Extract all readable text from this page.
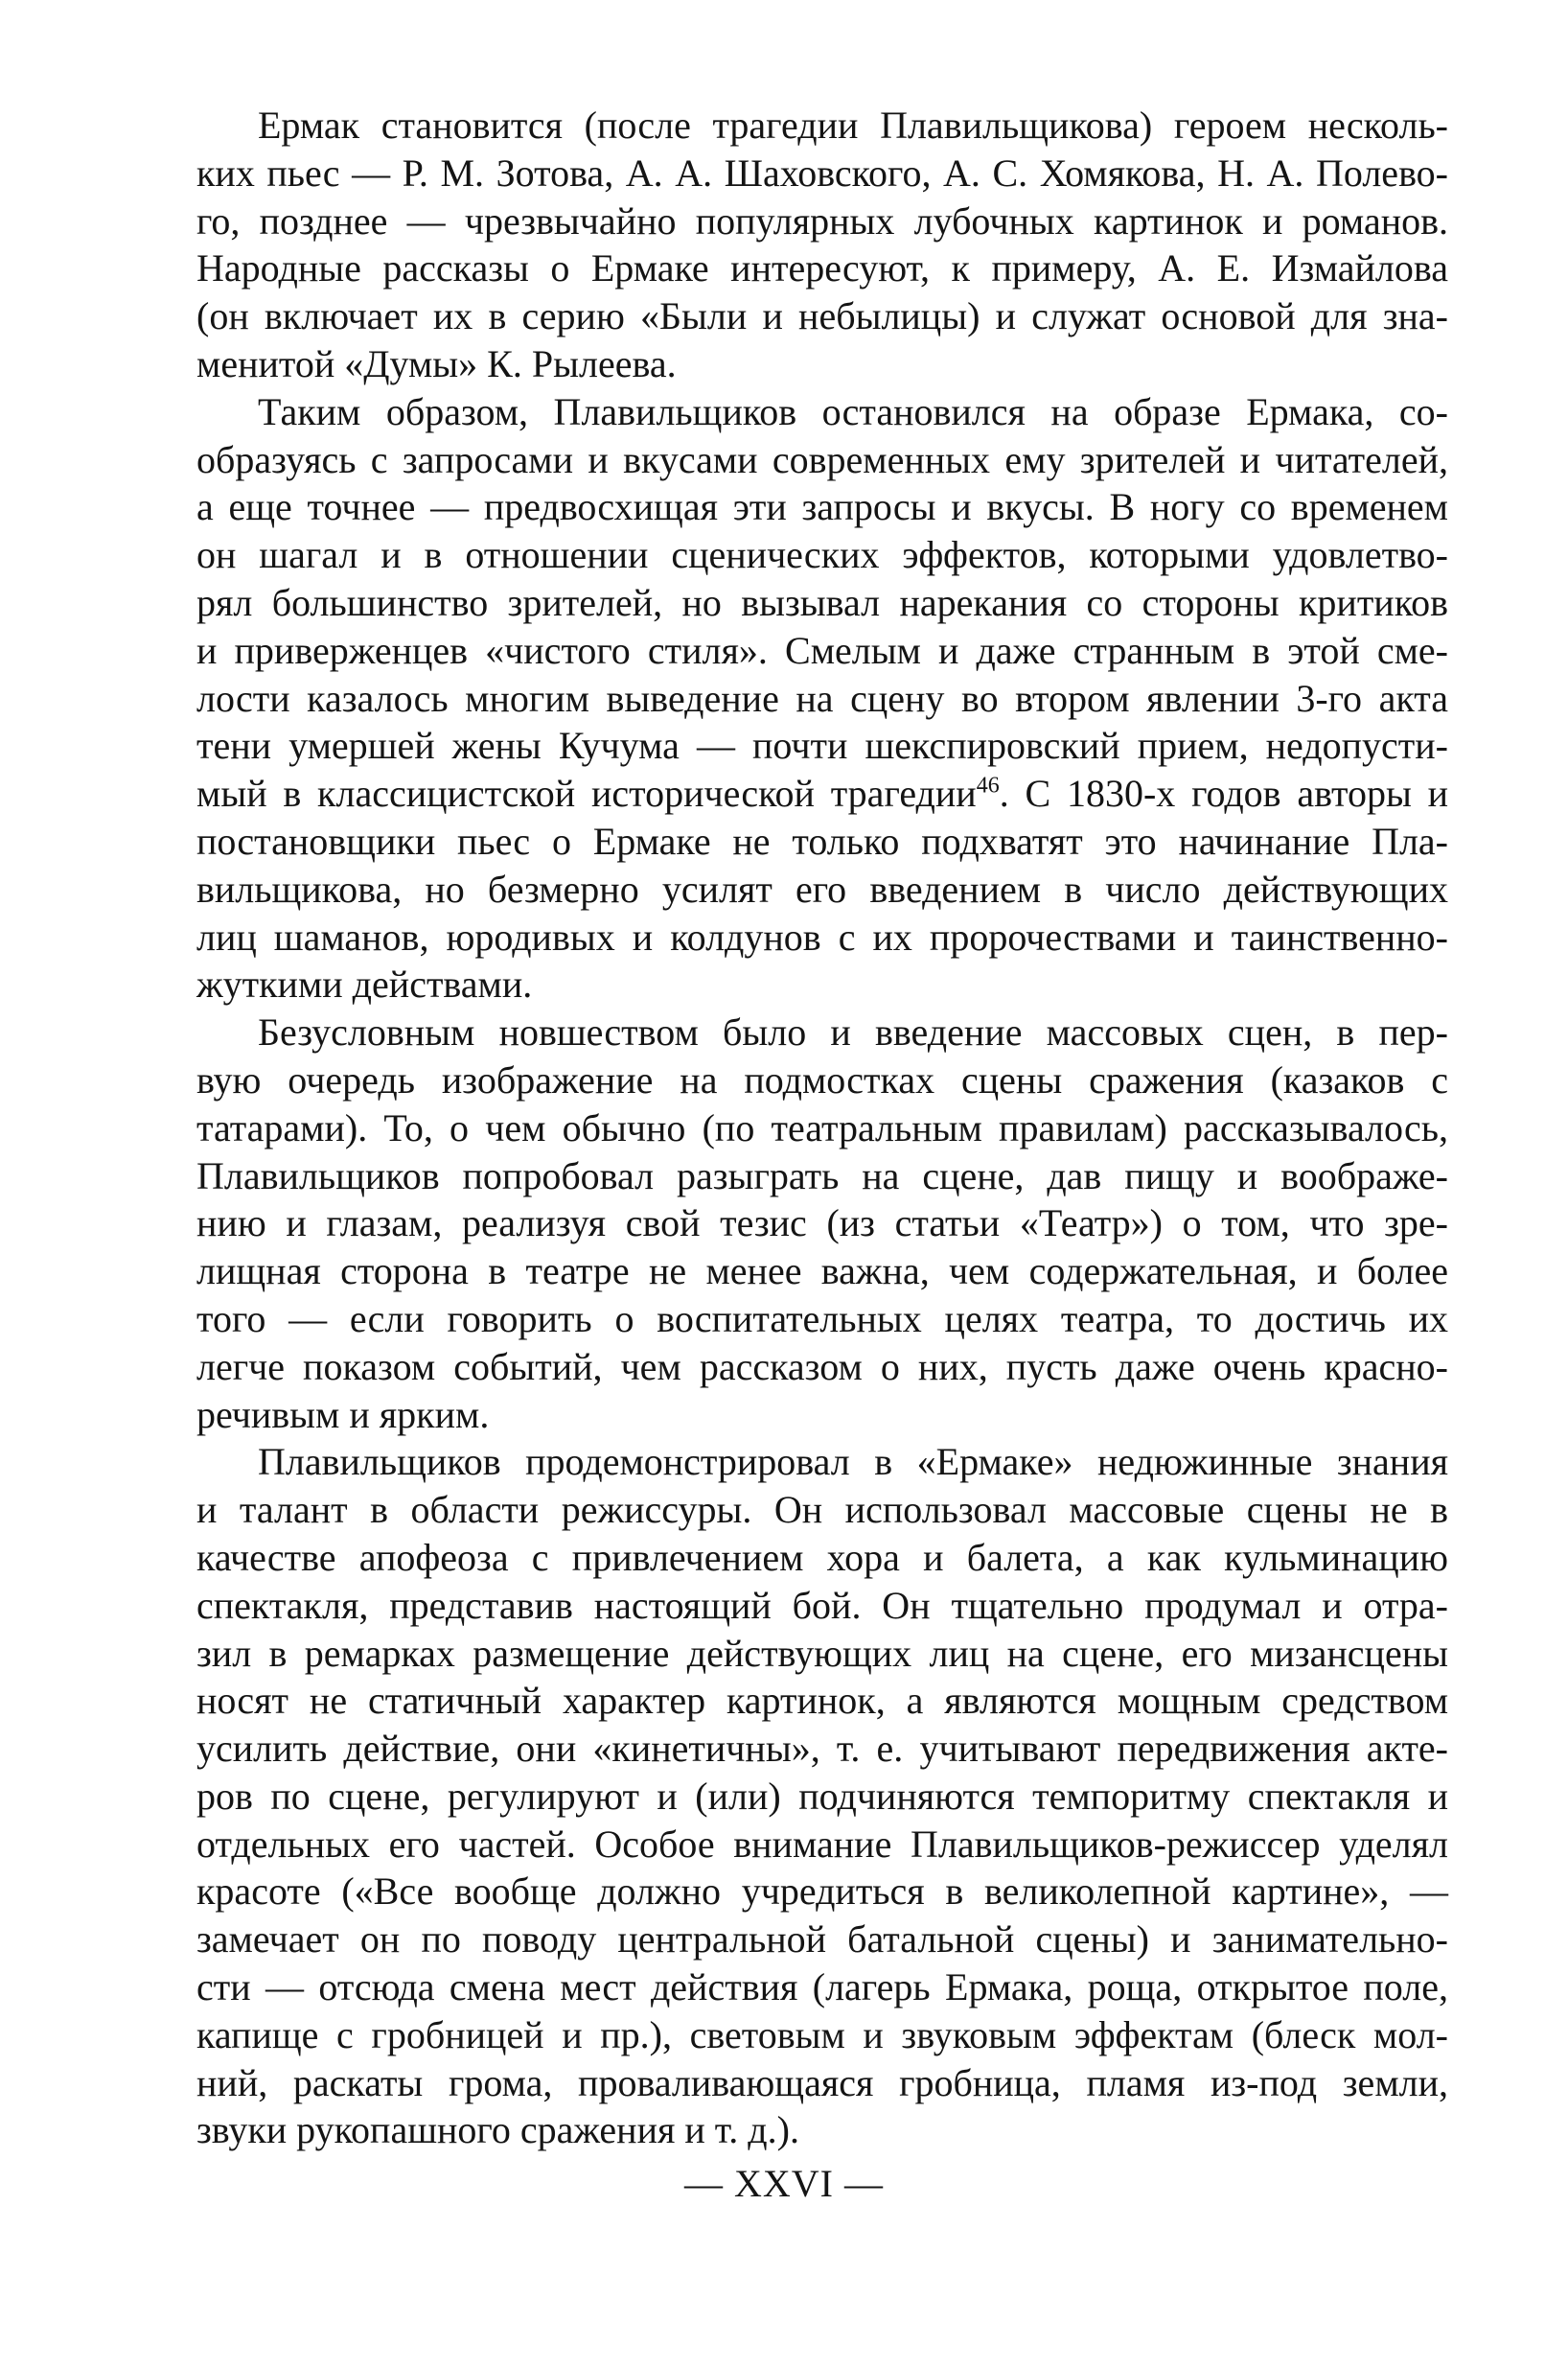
Ермак становится (после трагедии Плавильщикова) героем несколь-
ких пьес — Р. М. Зотова, А. А. Шаховского, А. С. Хомякова, Н. А. Полево-
го, позднее — чрезвычайно популярных лубочных картинок и романов.
Народные рассказы о Ермаке интересуют, к примеру, А. Е. Измайлова
(он включает их в серию «Были и небылицы) и служат основой для зна-
менитой «Думы» К. Рылеева.

Таким образом, Плавильщиков остановился на образе Ермака, со-
образуясь с запросами и вкусами современных ему зрителей и читателей,
а еще точнее — предвосхищая эти запросы и вкусы. В ногу со временем
он шагал и в отношении сценических эффектов, которыми удовлетво-
рял большинство зрителей, но вызывал нарекания со стороны критиков
и приверженцев «чистого стиля». Смелым и даже странным в этой сме-
лости казалось многим выведение на сцену во втором явлении 3-го акта
тени умершей жены Кучума — почти шекспировский прием, недопусти-
мый в классицистской исторической трагедии$^{46}$. С 1830-х годов авторы и
постановщики пьес о Ермаке не только подхватят это начинание Пла-
вильщикова, но безмерно усилят его введением в число действующих
лиц шаманов, юродивых и колдунов с их пророчествами и таинственно-
жуткими действами.

Безусловным новшеством было и введение массовых сцен, в пер-
вую очередь изображение на подмостках сцены сражения (казаков с
татарами). То, о чем обычно (по театральным правилам) рассказывалось,
Плавильщиков попробовал разыграть на сцене, дав пищу и воображе-
нию и глазам, реализуя свой тезис (из статьи «Театр») о том, что зре-
лищная сторона в театре не менее важна, чем содержательная, и более
того — если говорить о воспитательных целях театра, то достичь их
легче показом событий, чем рассказом о них, пусть даже очень красно-
речивым и ярким.

Плавильщиков продемонстрировал в «Ермаке» недюжинные знания
и талант в области режиссуры. Он использовал массовые сцены не в
качестве апофеоза с привлечением хора и балета, а как кульминацию
спектакля, представив настоящий бой. Он тщательно продумал и отра-
зил в ремарках размещение действующих лиц на сцене, его мизансцены
носят не статичный характер картинок, а являются мощным средством
усилить действие, они «кинетичны», т. е. учитывают передвижения акте-
ров по сцене, регулируют и (или) подчиняются темпоритму спектакля и
отдельных его частей. Особое внимание Плавильщиков-режиссер уделял
красоте («Все вообще должно учредиться в великолепной картине», —
замечает он по поводу центральной батальной сцены) и занимательно-
сти — отсюда смена мест действия (лагерь Ермака, роща, открытое поле,
капище с гробницей и пр.), световым и звуковым эффектам (блеск мол-
ний, раскаты грома, проваливающаяся гробница, пламя из-под земли,
звуки рукопашного сражения и т. д.).

— XXVI —
